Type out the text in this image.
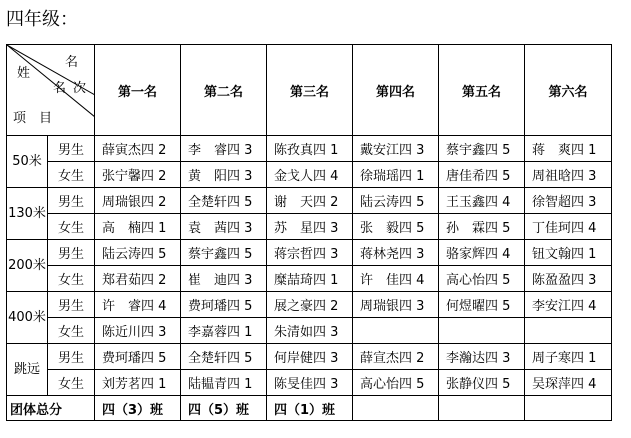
四年级：
姓
名
名 次
项　目		第一名	第二名	第三名	第四名	第五名	第六名
50米	男生	薛寅杰四 2	李　睿四 3	陈孜真四 1	戴安江四 3	蔡宇鑫四 5	蒋　爽四 1
	女生	张宁馨四 2	黄　阳四 3	金戈人四 4	徐瑞瑶四 1	唐佳希四 5	周祖晗四 3
130米	男生	周瑞银四 2	全楚轩四 5	谢　天四 2	陆云涛四 5	王玉鑫四 4	徐智超四 3
	女生	高　楠四 1	袁　茜四 3	苏　星四 3	张　毅四 5	孙　霖四 5	丁佳珂四 4
200米	男生	陆云涛四 5	蔡宇鑫四 5	蒋宗哲四 3	蒋林尧四 3	骆家辉四 4	钮文翰四 1
	女生	郑君茹四 2	崔　迪四 3	糜喆琦四 1	许　佳四 4	高心怡四 5	陈盈盈四 3
400米	男生	许　睿四 4	费珂璠四 5	展之豪四 2	周瑞银四 3	何煜曜四 5	李安江四 4
	女生	陈近川四 3	李嘉蓉四 1	朱清如四 3			
跳远	男生	费珂璠四 5	全楚轩四 5	何岸健四 3	薛宣杰四 2	李瀚达四 3	周子寒四 1
	女生	刘芳茗四 1	陆韫青四 1	陈旻佳四 3	高心怡四 5	张静仪四 5	吴琛萍四 4
团体总分		四（3）班	四（5）班	四（1）班			
